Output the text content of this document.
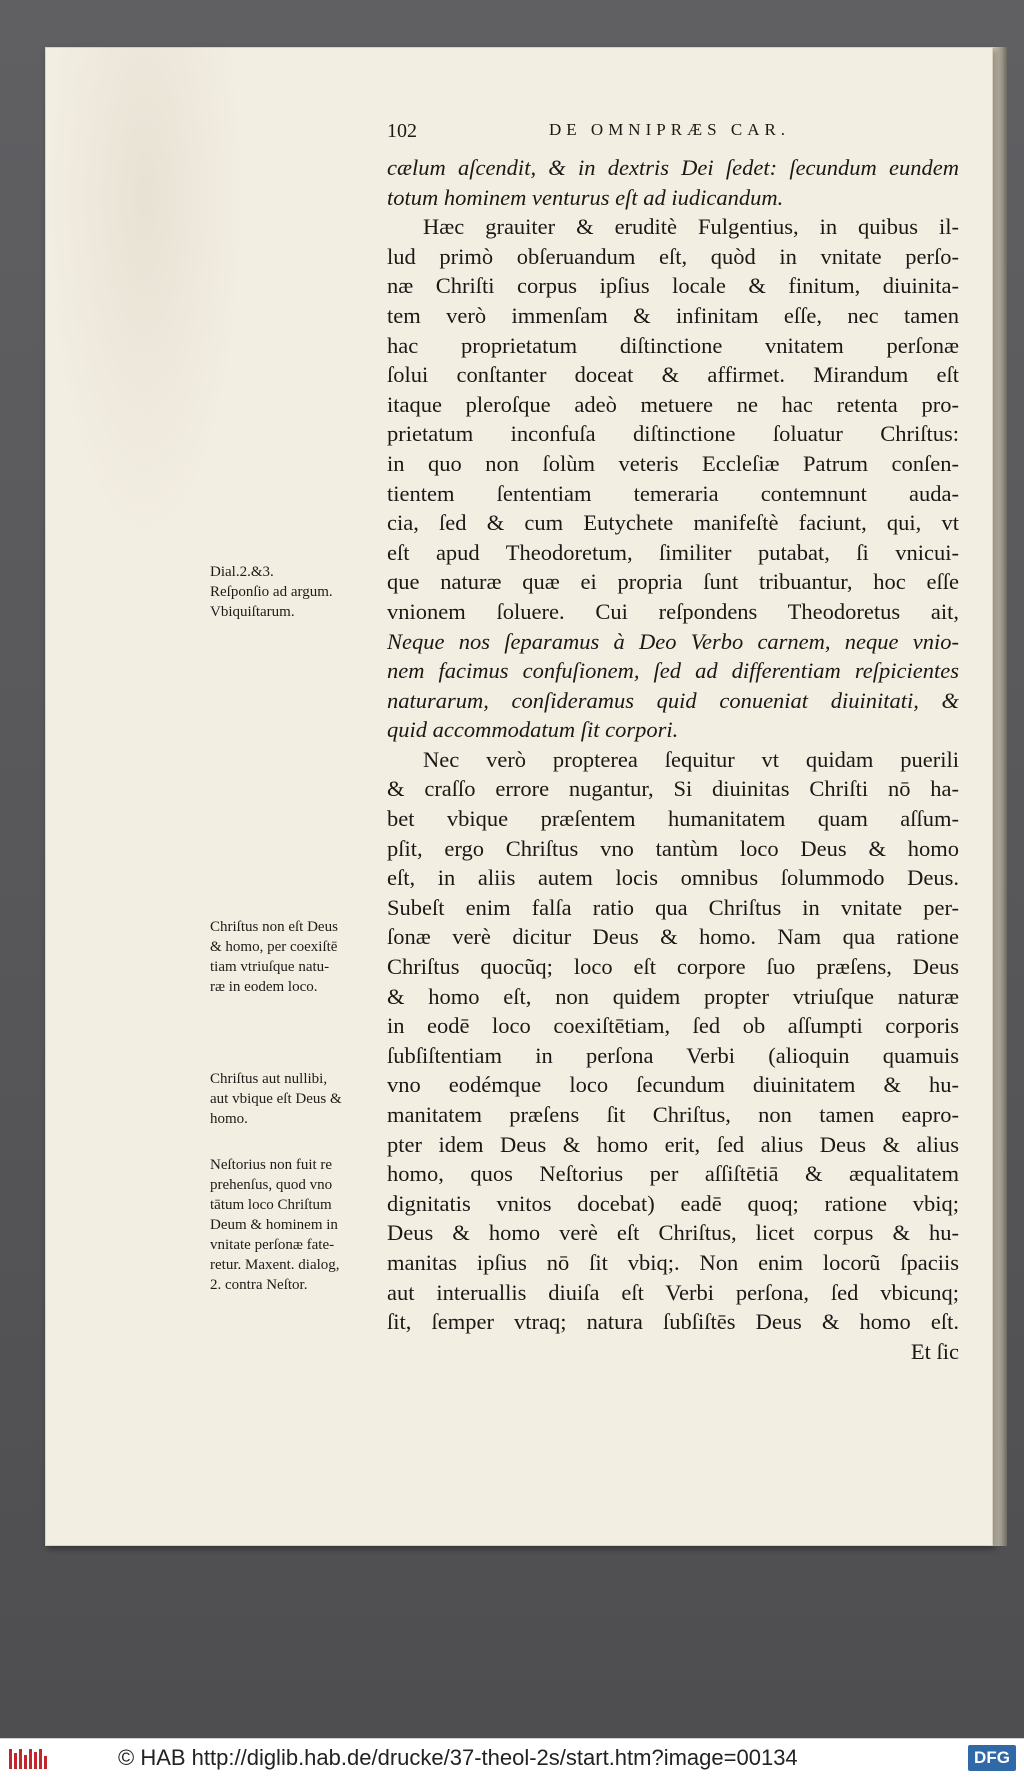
102	DE OMNIPRÆS CAR.
cælum aſcendit, & in dextris Dei ſedet: ſecundum eundem
totum hominem venturus eſt ad iudicandum.
Hæc grauiter & eruditè Fulgentius, in quibus il-
lud primò obſeruandum eſt, quòd in vnitate perſo-
næ Chriſti corpus ipſius locale & finitum, diuinita-
tem verò immenſam & infinitam eſſe, nec tamen
hac proprietatum diſtinctione vnitatem perſonæ
ſolui conſtanter doceat & affirmet. Mirandum eſt
itaque pleroſque adeò metuere ne hac retenta pro-
prietatum inconfuſa diſtinctione ſoluatur Chriſtus:
in quo non ſolùm veteris Eccleſiæ Patrum conſen-
tientem ſententiam temeraria contemnunt auda-
cia, ſed & cum Eutychete manifeſtè faciunt, qui, vt
eſt apud Theodoretum, ſimiliter putabat, ſi vnicui-
que naturæ quæ ei propria ſunt tribuantur, hoc eſſe
vnionem ſoluere. Cui reſpondens Theodoretus ait,
Neque nos ſeparamus à Deo Verbo carnem, neque vnio-
nem facimus confuſionem, ſed ad differentiam reſpicientes
naturarum, conſideramus quid conueniat diuinitati, &
quid accommodatum ſit corpori.
Nec verò propterea ſequitur vt quidam puerili
& craſſo errore nugantur, Si diuinitas Chriſti nō ha-
bet vbique præſentem humanitatem quam aſſum-
pſit, ergo Chriſtus vno tantùm loco Deus & homo
eſt, in aliis autem locis omnibus ſolummodo Deus.
Subeſt enim falſa ratio qua Chriſtus in vnitate per-
ſonæ verè dicitur Deus & homo. Nam qua ratione
Chriſtus quocũq; loco eſt corpore ſuo præſens, Deus
& homo eſt, non quidem propter vtriuſque naturæ
in eodē loco coexiſtētiam, ſed ob aſſumpti corporis
ſubſiſtentiam in perſona Verbi (alioquin quamuis
vno eodémque loco ſecundum diuinitatem & hu-
manitatem præſens ſit Chriſtus, non tamen eapro-
pter idem Deus & homo erit, ſed alius Deus & alius
homo, quos Neſtorius per aſſiſtētiā & æqualitatem
dignitatis vnitos docebat) eadē quoq; ratione vbiq;
Deus & homo verè eſt Chriſtus, licet corpus & hu-
manitas ipſius nō ſit vbiq;. Non enim locorũ ſpaciis
aut interuallis diuiſa eſt Verbi perſona, ſed vbicunq;
ſit, ſemper vtraq; natura ſubſiſtēs Deus & homo eſt.
Et ſic
Dial.2.&3.
Reſponſio ad argum.
Vbiquiſtarum.
Chriſtus non eſt Deus
& homo, per coexiſtē
tiam vtriuſque natu-
ræ in eodem loco.
Chriſtus aut nullibi,
aut vbique eſt Deus &
homo.
Neſtorius non fuit re
prehenſus, quod vno
tātum loco Chriſtum
Deum & hominem in
vnitate perſonæ fate-
retur. Maxent. dialog,
2. contra Neſtor.
© HAB http://diglib.hab.de/drucke/37-theol-2s/start.htm?image=00134	DFG
